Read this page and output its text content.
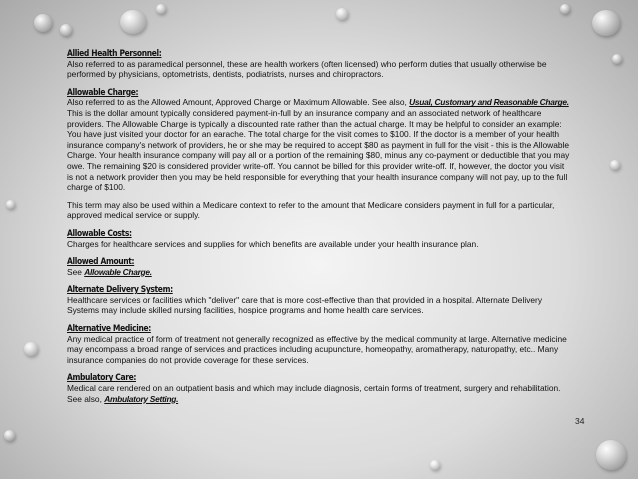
Allied Health Personnel:
Also referred to as paramedical personnel, these are health workers (often licensed) who perform duties that usually otherwise be performed by physicians, optometrists, dentists, podiatrists, nurses and chiropractors.
Allowable Charge:
Also referred to as the Allowed Amount, Approved Charge or Maximum Allowable. See also, Usual, Customary and Reasonable Charge. This is the dollar amount typically considered payment-in-full by an insurance company and an associated network of healthcare providers. The Allowable Charge is typically a discounted rate rather than the actual charge. It may be helpful to consider an example: You have just visited your doctor for an earache. The total charge for the visit comes to $100. If the doctor is a member of your health insurance company's network of providers, he or she may be required to accept $80 as payment in full for the visit - this is the Allowable Charge. Your health insurance company will pay all or a portion of the remaining $80, minus any co-payment or deductible that you may owe. The remaining $20 is considered provider write-off. You cannot be billed for this provider write-off. If, however, the doctor you visit is not a network provider then you may be held responsible for everything that your health insurance company will not pay, up to the full charge of $100.
This term may also be used within a Medicare context to refer to the amount that Medicare considers payment in full for a particular, approved medical service or supply.
Allowable Costs:
Charges for healthcare services and supplies for which benefits are available under your health insurance plan.
Allowed Amount:
See Allowable Charge.
Alternate Delivery System:
Healthcare services or facilities which "deliver" care that is more cost-effective than that provided in a hospital. Alternate Delivery Systems may include skilled nursing facilities, hospice programs and home health care services.
Alternative Medicine:
Any medical practice of form of treatment not generally recognized as effective by the medical community at large. Alternative medicine may encompass a broad range of services and practices including acupuncture, homeopathy, aromatherapy, naturopathy, etc.. Many insurance companies do not provide coverage for these services.
Ambulatory Care:
Medical care rendered on an outpatient basis and which may include diagnosis, certain forms of treatment, surgery and rehabilitation. See also, Ambulatory Setting.
34
